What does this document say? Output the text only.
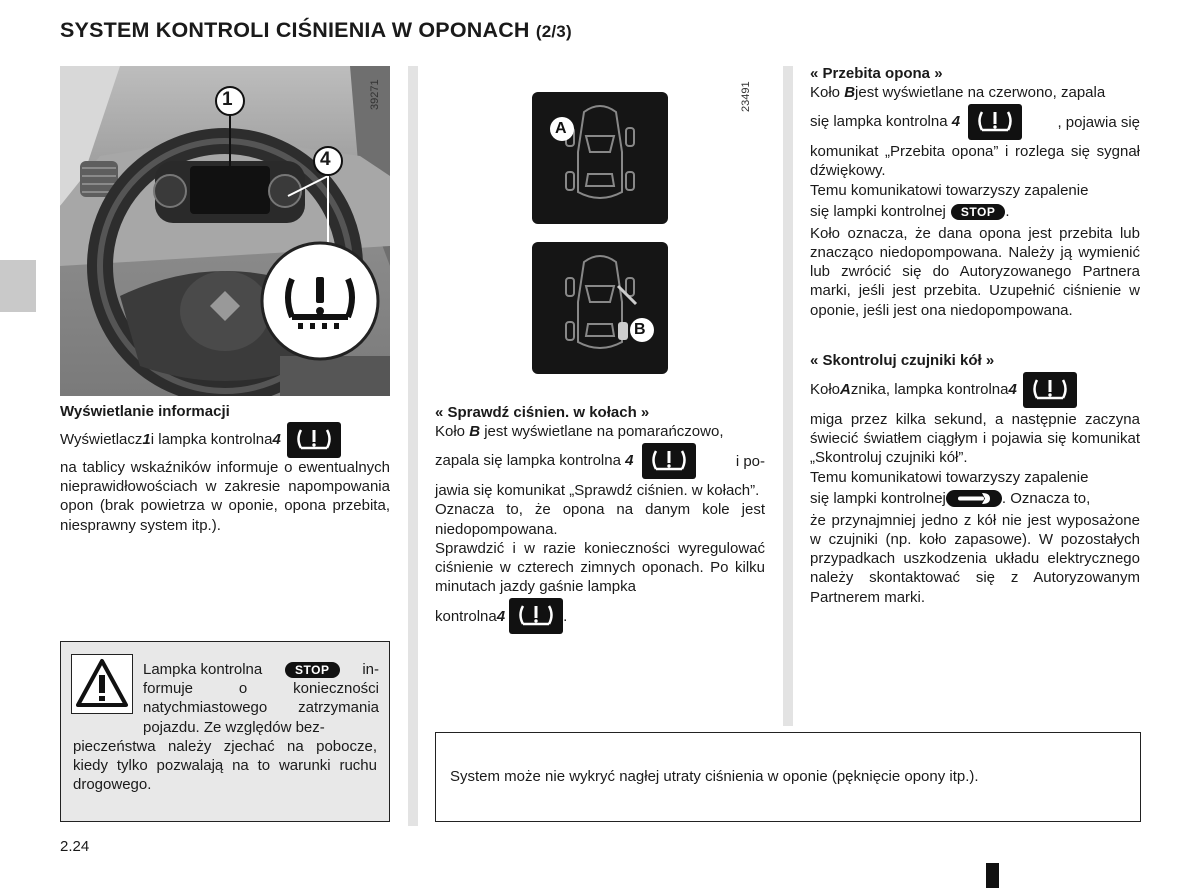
SYSTEM KONTROLI CIŚNIENIA W OPONACH (2/3)
1
4
39271
A
B
23491
Wyświetlanie informacji
Wyświetlacz 1 i lampka kontrolna 4

na tablicy wskaźników informuje o ewentualnych nieprawidłowościach w zakresie napompowania opon (brak powietrza w oponie, opona przebita, niesprawny system itp.).

Lampka kontrolna	STOP	in-

formuje o konieczności natychmiastowego zatrzymania pojazdu. Ze względów bez-

pieczeństwa należy zjechać na pobocze, kiedy tylko pozwalają na to warunki ruchu drogowego.
« Sprawdź ciśnien. w kołach »
Koło B jest wyświetlane na pomarańczowo,
zapala się lampka kontrolna 4	i po-

jawia się komunikat „Sprawdź ciśnien. w kołach”.

Oznacza to, że opona na danym kole jest niedopompowana.

Sprawdzić i w razie konieczności wyregulować ciśnienie w czterech zimnych oponach. Po kilku minutach jazdy gaśnie lampka

kontrolna 4	.
« Przebita opona »
Koło Bjest wyświetlane na czerwono, zapala
się lampka kontrolna 4	, pojawia się

komunikat „Przebita opona” i rozlega się sygnał dźwiękowy.

Temu komunikatowi towarzyszy zapalenie

się lampki kontrolnej	STOP .

Koło oznacza, że dana opona jest przebita lub znacząco niedopompowana. Należy ją wymienić lub zwrócić się do Autoryzowanego Partnera marki, jeśli jest przebita. Uzupełnić ciśnienie w oponie, jeśli jest ona niedopompowana.

« Skontroluj czujniki kół »
Koło A znika, lampka kontrolna 4

miga przez kilka sekund, a następnie zaczyna świecić światłem ciągłym i pojawia się komunikat „Skontroluj czujniki kół”.

Temu komunikatowi towarzyszy zapalenie

się lampki kontrolnej	. Oznacza to,

że przynajmniej jedno z kół nie jest wyposażone w czujniki (np. koło zapasowe). W pozostałych przypadkach uszkodzenia układu elektrycznego należy skontaktować się z Autoryzowanym Partnerem marki.

System może nie wykryć nagłej utraty ciśnienia w oponie (pęknięcie opony itp.).
2.24
